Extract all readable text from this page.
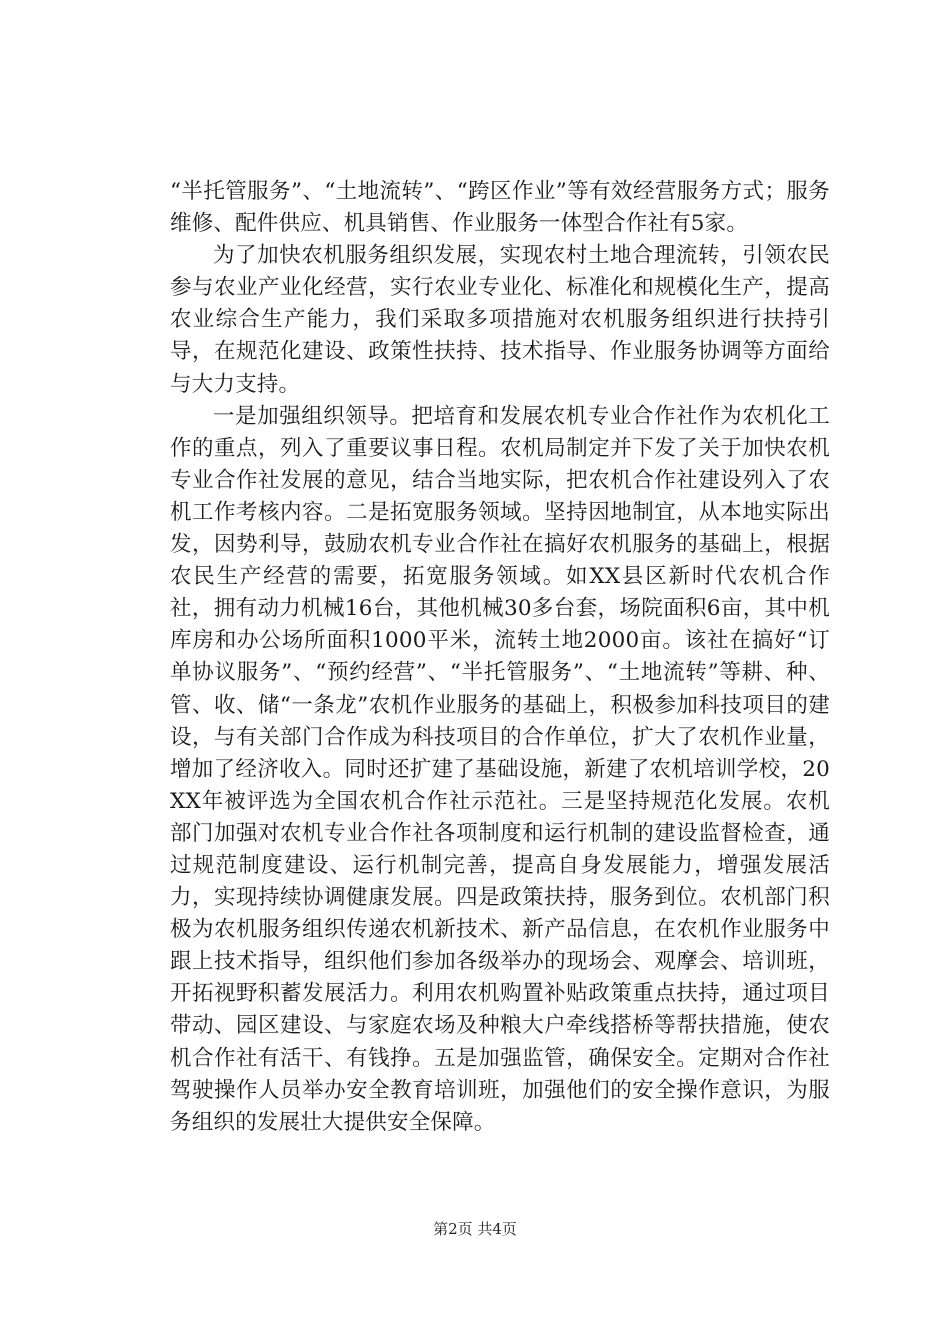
“半托管服务”、“土地流转”、“跨区作业”等有效经营服务方式；服务维修、配件供应、机具销售、作业服务一体型合作社有5家。

为了加快农机服务组织发展，实现农村土地合理流转，引领农民参与农业产业化经营，实行农业专业化、标准化和规模化生产，提高农业综合生产能力，我们采取多项措施对农机服务组织进行扶持引导，在规范化建设、政策性扶持、技术指导、作业服务协调等方面给与大力支持。

一是加强组织领导。把培育和发展农机专业合作社作为农机化工作的重点，列入了重要议事日程。农机局制定并下发了关于加快农机专业合作社发展的意见，结合当地实际，把农机合作社建设列入了农机工作考核内容。二是拓宽服务领域。坚持因地制宜，从本地实际出发，因势利导，鼓励农机专业合作社在搞好农机服务的基础上，根据农民生产经营的需要，拓宽服务领域。如XX县区新时代农机合作社，拥有动力机械16台，其他机械30多台套，场院面积6亩，其中机库房和办公场所面积1000平米，流转土地2000亩。该社在搞好“订单协议服务”、“预约经营”、“半托管服务”、“土地流转”等耕、种、管、收、储“一条龙”农机作业服务的基础上，积极参加科技项目的建设，与有关部门合作成为科技项目的合作单位，扩大了农机作业量，增加了经济收入。同时还扩建了基础设施，新建了农机培训学校，20XX年被评选为全国农机合作社示范社。三是坚持规范化发展。农机部门加强对农机专业合作社各项制度和运行机制的建设监督检查，通过规范制度建设、运行机制完善，提高自身发展能力，增强发展活力，实现持续协调健康发展。四是政策扶持，服务到位。农机部门积极为农机服务组织传递农机新技术、新产品信息，在农机作业服务中跟上技术指导，组织他们参加各级举办的现场会、观摩会、培训班，开拓视野积蓄发展活力。利用农机购置补贴政策重点扶持，通过项目带动、园区建设、与家庭农场及种粮大户牵线搭桥等帮扶措施，使农机合作社有活干、有钱挣。五是加强监管，确保安全。定期对合作社驾驶操作人员举办安全教育培训班，加强他们的安全操作意识，为服务组织的发展壮大提供安全保障。

第2页 共4页
